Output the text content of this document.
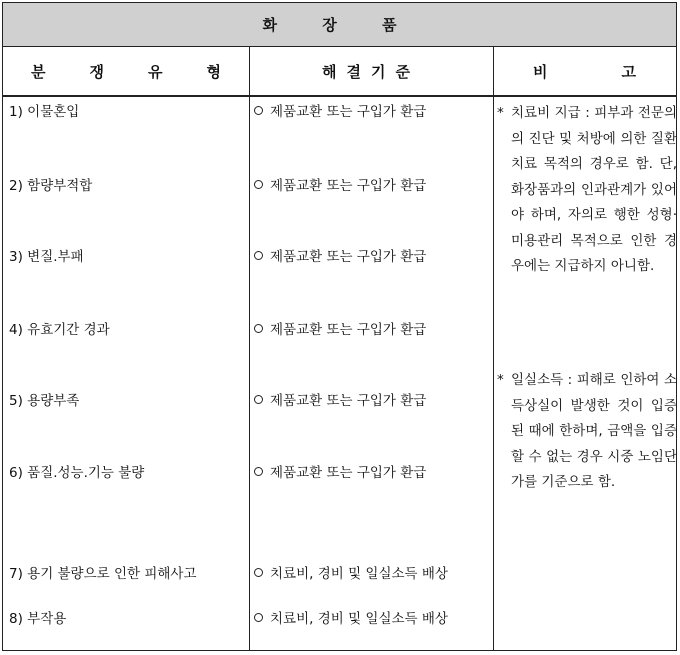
화 장 품
분	쟁	유	형	해결기준	비	고
1) 이물혼입	제품교환 또는 구입가 환급
2) 함량부적합	제품교환 또는 구입가 환급
3) 변질.부패	제품교환 또는 구입가 환급
4) 유효기간 경과	제품교환 또는 구입가 환급
5) 용량부족	제품교환 또는 구입가 환급
6) 품질.성능.기능 불량	제품교환 또는 구입가 환급
7) 용기 불량으로 인한 피해사고	치료비, 경비 및 일실소득 배상
8) 부작용	치료비, 경비 및 일실소득 배상
* 치료비 지급 : 피부과 전문의의 진단 및 처방에 의한 질환 치료 목적의 경우로 함. 단, 화장품과의 인과관계가 있어야 하며, 자의로 행한 성형·미용관리 목적으로 인한 경우에는 지급하지 아니함.
* 일실소득 : 피해로 인하여 소득상실이 발생한 것이 입증된 때에 한하며, 금액을 입증할 수 없는 경우 시중 노임단가를 기준으로 함.
